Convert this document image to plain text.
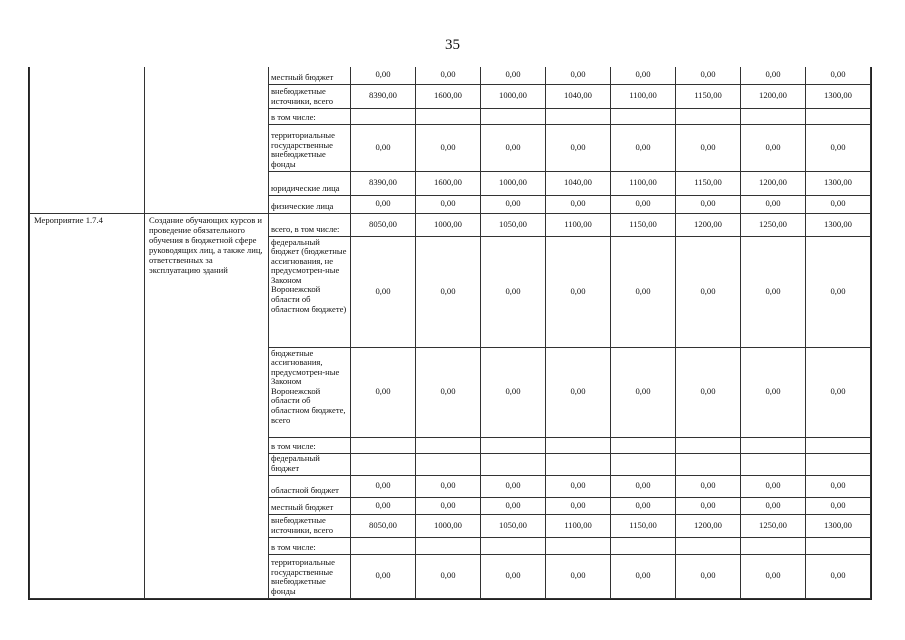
35
		местный бюджет	0,00	0,00	0,00	0,00	0,00	0,00	0,00	0,00
		внебюджетные источники, всего	8390,00	1600,00	1000,00	1040,00	1100,00	1150,00	1200,00	1300,00
		в том числе:								
		территориальные государственные внебюджетные фонды	0,00	0,00	0,00	0,00	0,00	0,00	0,00	0,00
		юридические лица	8390,00	1600,00	1000,00	1040,00	1100,00	1150,00	1200,00	1300,00
		физические лица	0,00	0,00	0,00	0,00	0,00	0,00	0,00	0,00
Мероприятие 1.7.4	Создание обучающих курсов и проведение обязательного обучения в бюджетной сфере руководящих лиц, а также лиц, ответственных за эксплуатацию зданий	всего, в том числе:	8050,00	1000,00	1050,00	1100,00	1150,00	1200,00	1250,00	1300,00
		федеральный бюджет (бюджетные ассигнования, не предусмотрен-ные Законом Воронежской области об областном бюджете)	0,00	0,00	0,00	0,00	0,00	0,00	0,00	0,00
		бюджетные ассигнования, предусмотрен-ные Законом Воронежской области об областном бюджете, всего	0,00	0,00	0,00	0,00	0,00	0,00	0,00	0,00
		в том числе:								
		федеральный бюджет								
		областной бюджет	0,00	0,00	0,00	0,00	0,00	0,00	0,00	0,00
		местный бюджет	0,00	0,00	0,00	0,00	0,00	0,00	0,00	0,00
		внебюджетные источники, всего	8050,00	1000,00	1050,00	1100,00	1150,00	1200,00	1250,00	1300,00
		в том числе:								
		территориальные государственные внебюджетные фонды	0,00	0,00	0,00	0,00	0,00	0,00	0,00	0,00
